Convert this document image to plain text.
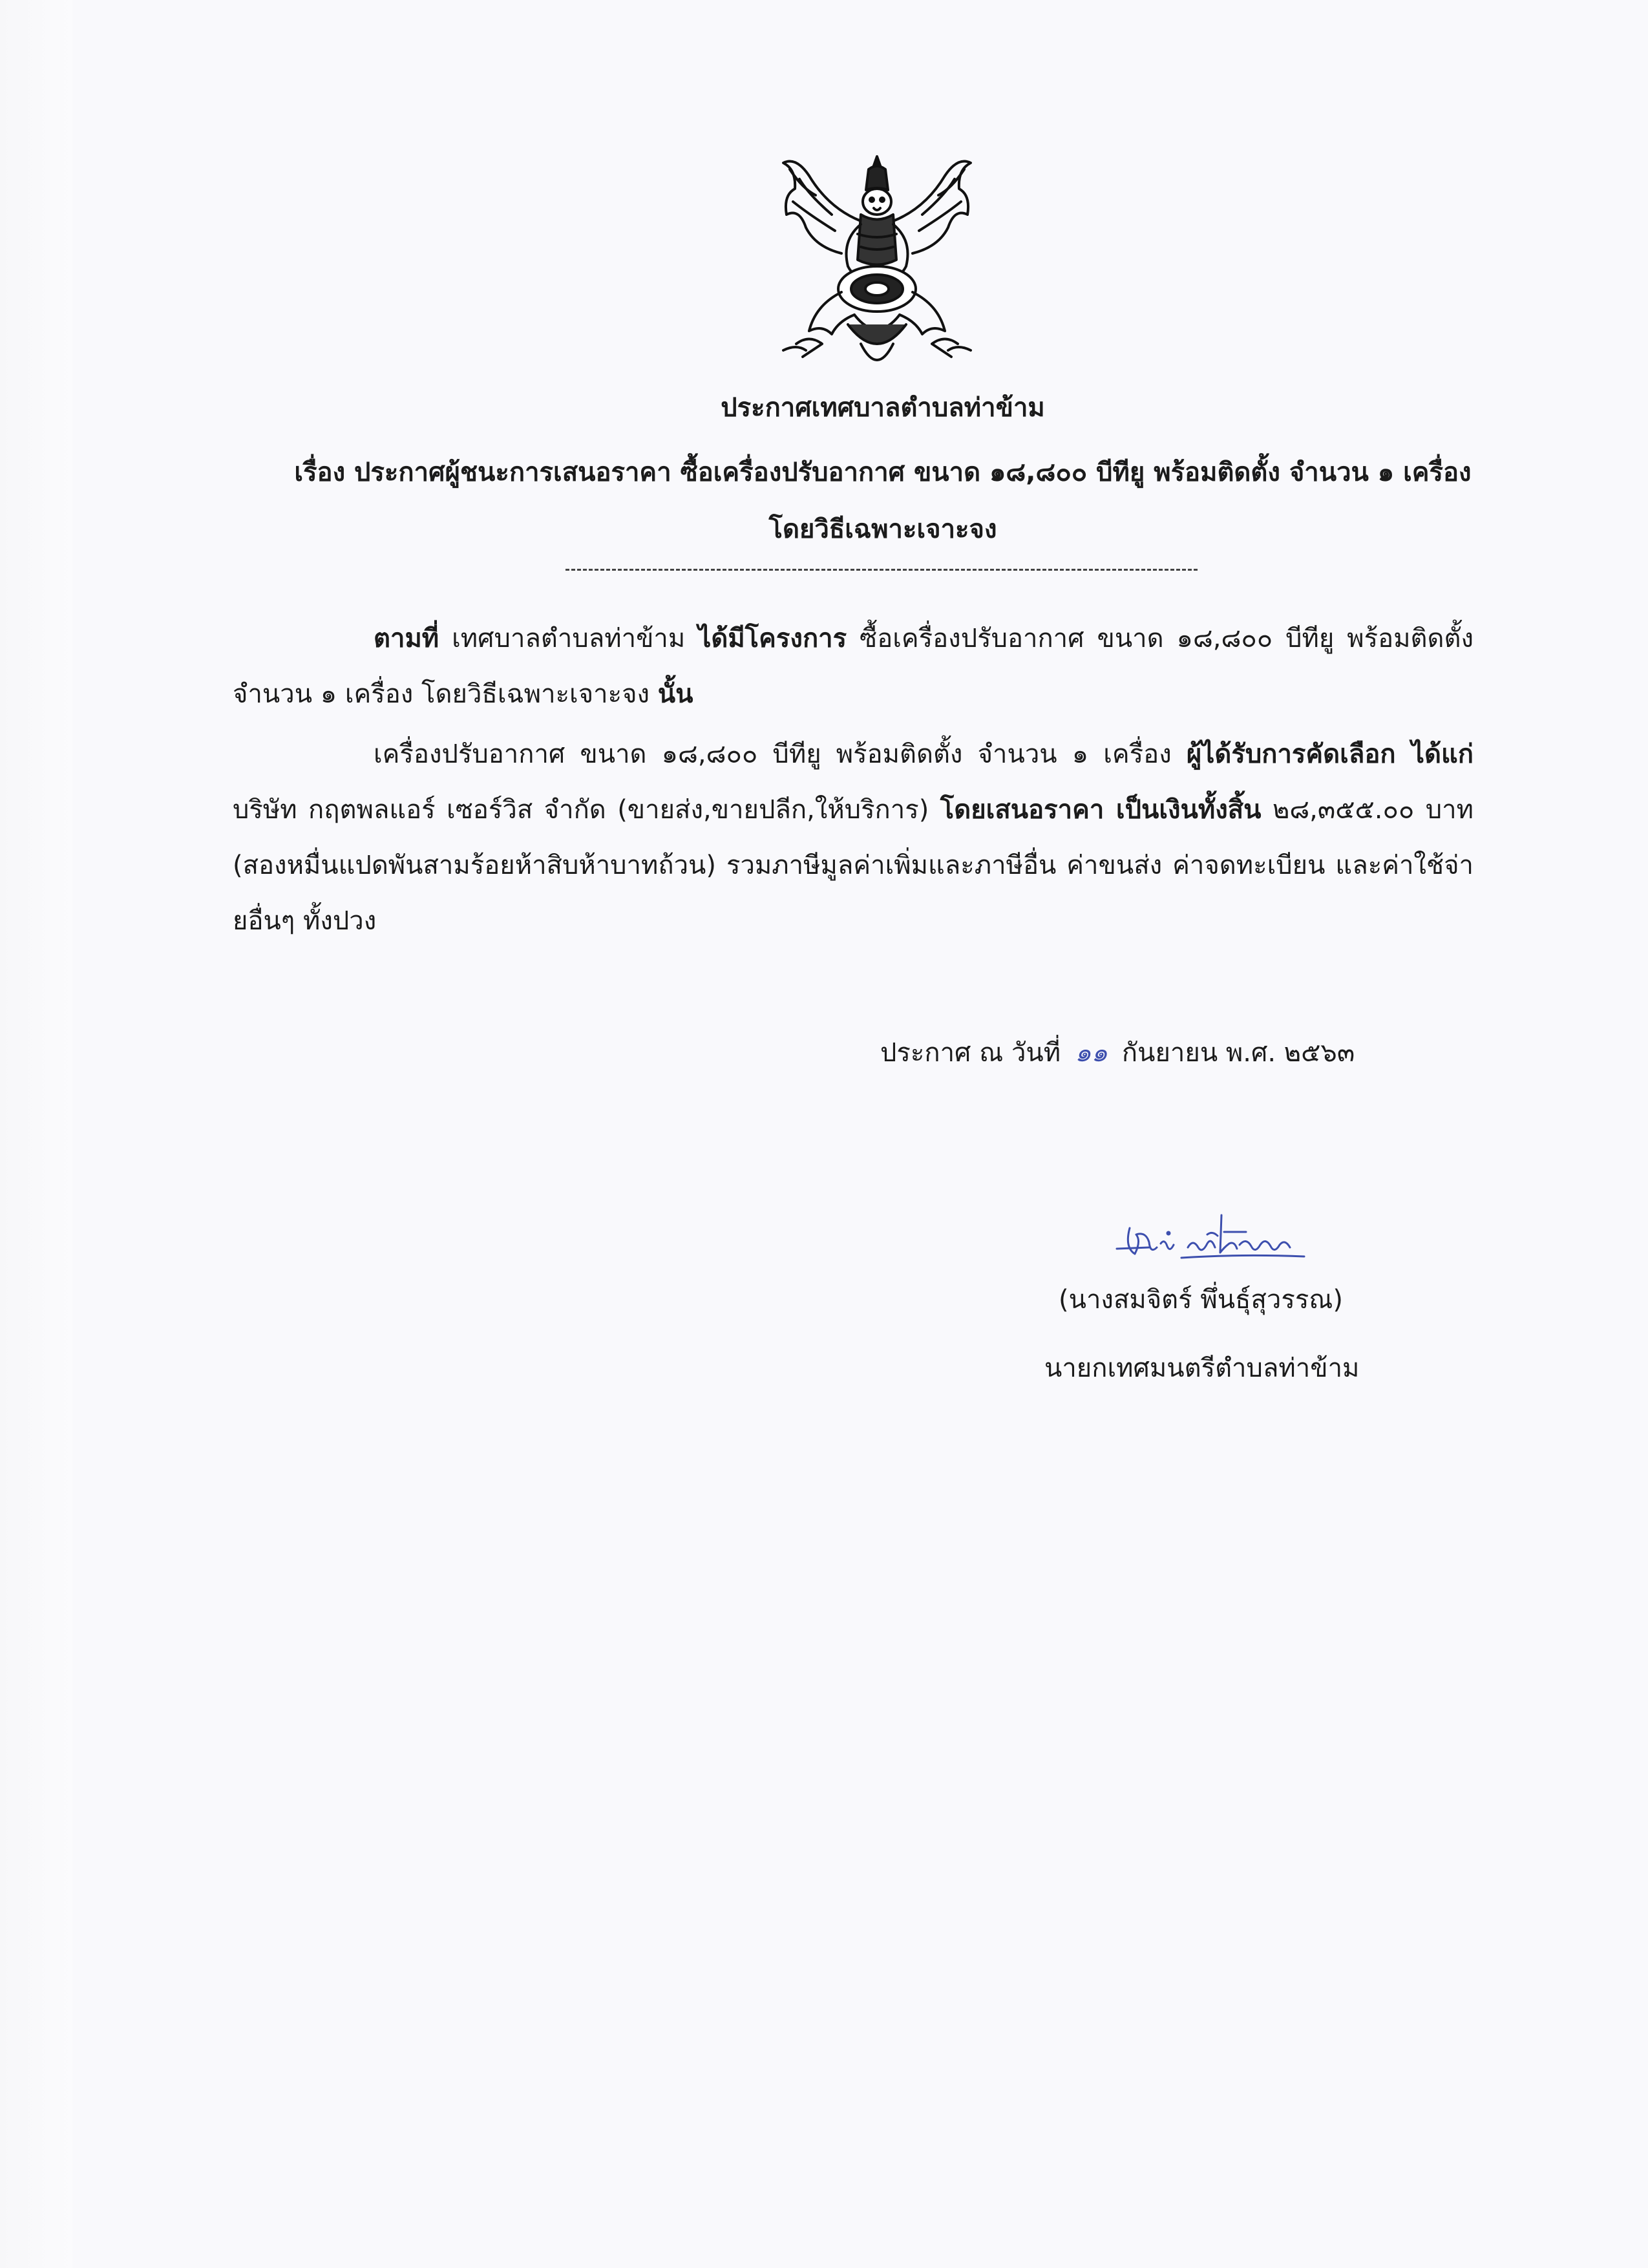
ประกาศเทศบาลตำบลท่าข้าม
เรื่อง ประกาศผู้ชนะการเสนอราคา ซื้อเครื่องปรับอากาศ ขนาด ๑๘,๘๐๐ บีทียู พร้อมติดตั้ง จำนวน ๑ เครื่อง
โดยวิธีเฉพาะเจาะจง

ตามที่ เทศบาลตำบลท่าข้าม ได้มีโครงการ ซื้อเครื่องปรับอากาศ ขนาด ๑๘,๘๐๐ บีทียู พร้อมติดตั้ง จำนวน ๑ เครื่อง โดยวิธีเฉพาะเจาะจง นั้น

เครื่องปรับอากาศ ขนาด ๑๘,๘๐๐ บีทียู พร้อมติดตั้ง จำนวน ๑ เครื่อง ผู้ได้รับการคัดเลือก ได้แก่ บริษัท กฤตพลแอร์ เซอร์วิส จำกัด (ขายส่ง,ขายปลีก,ให้บริการ) โดยเสนอราคา เป็นเงินทั้งสิ้น ๒๘,๓๕๕.๐๐ บาท (สองหมื่นแปดพันสามร้อยห้าสิบห้าบาทถ้วน) รวมภาษีมูลค่าเพิ่มและภาษีอื่น ค่าขนส่ง ค่าจดทะเบียน และค่าใช้จ่ายอื่นๆ ทั้งปวง

ประกาศ ณ วันที่ ๑๑ กันยายน พ.ศ. ๒๕๖๓
(นางสมจิตร์ พึ่นธุ์สุวรรณ)
นายกเทศมนตรีตำบลท่าข้าม
